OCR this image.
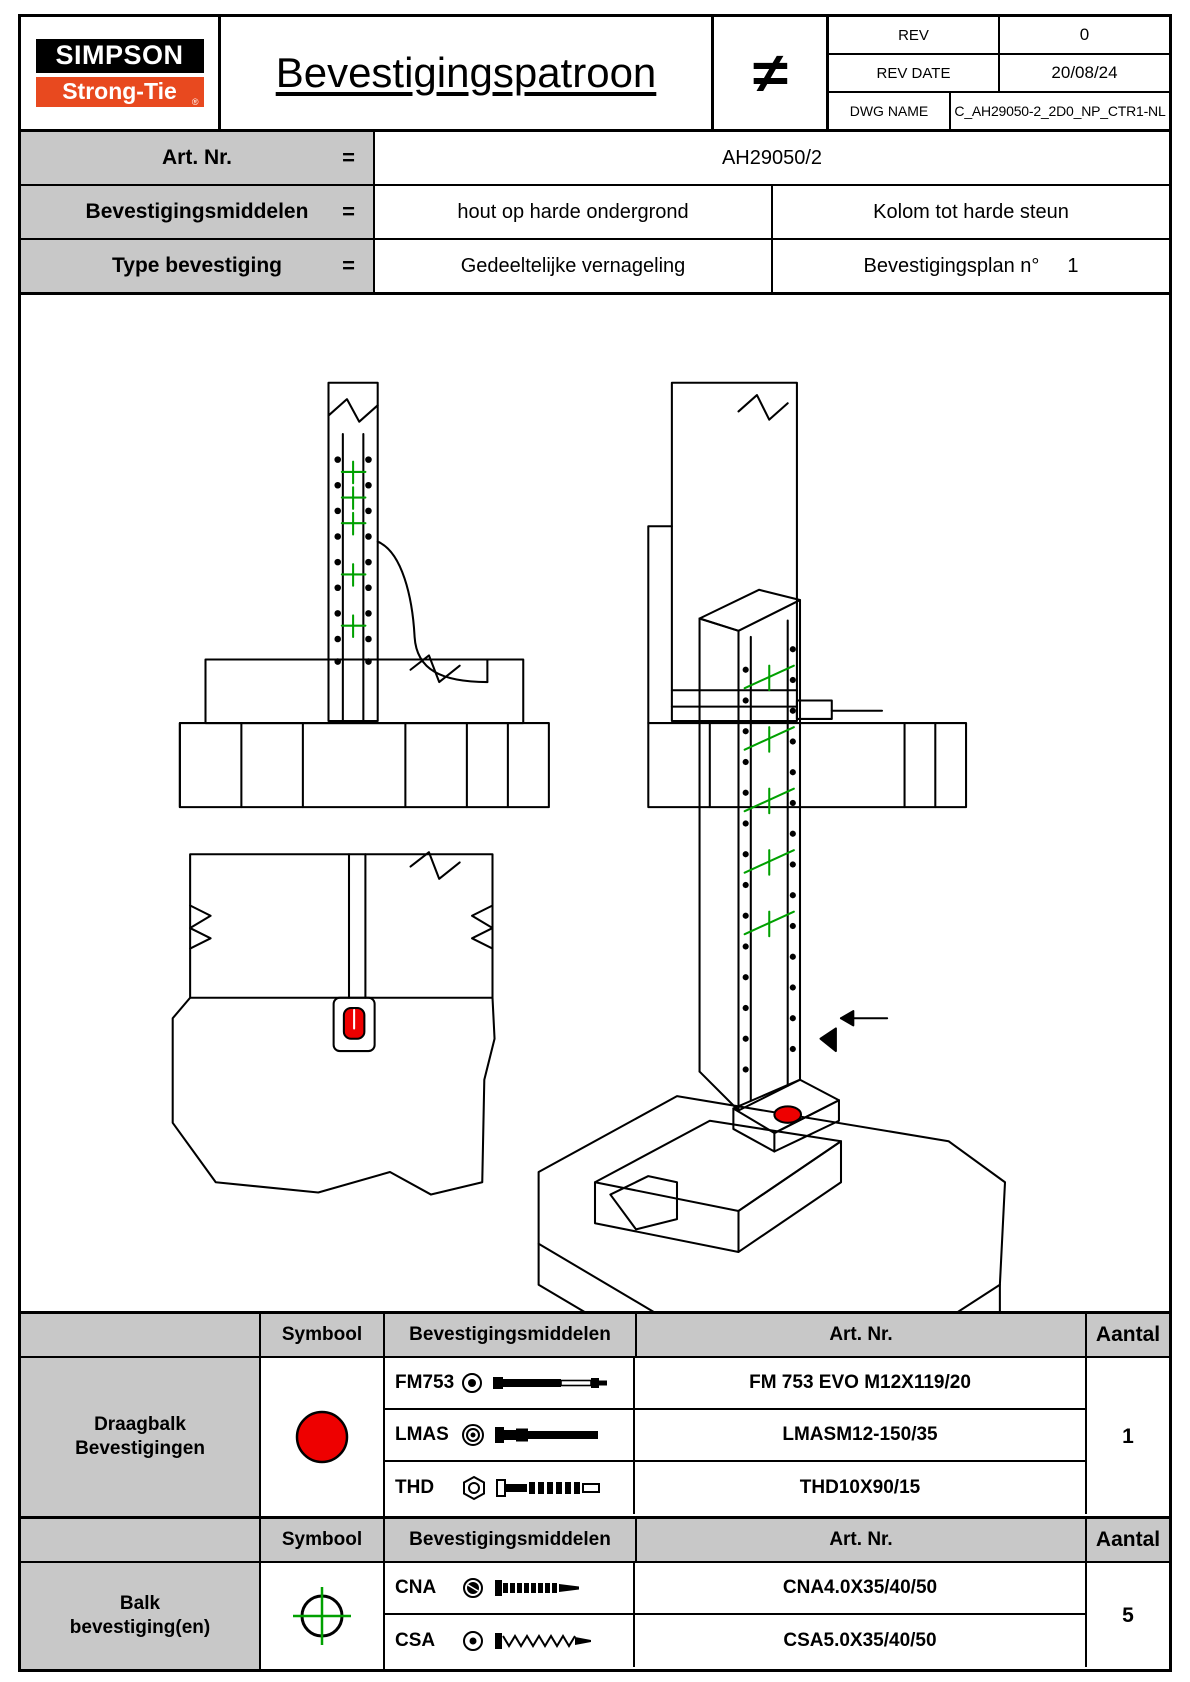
SIMPSON
Strong-Tie ®
Bevestigingspatroon ≠
REV	0
REV DATE	20/08/24
DWG NAME	C_AH29050-2_2D0_NP_CTR1-NL
Art. Nr.	=	AH29050/2
Bevestigingsmiddelen =	hout op harde ondergrond	Kolom tot harde steun
Type bevestiging	=	Gedeeltelijke vernageling	Bevestigingsplan n° 1
Symbool	Bevestigingsmiddelen	Art. Nr.	Aantal
Draagbalk
Bevestigingen
FM753	FM 753 EVO M12X119/20
LMAS	LMASM12-150/35
THD	THD10X90/15
1
Symbool	Bevestigingsmiddelen	Art. Nr.	Aantal
Balk
bevestiging(en)
CNA	CNA4.0X35/40/50
CSA	CSA5.0X35/40/50
5
